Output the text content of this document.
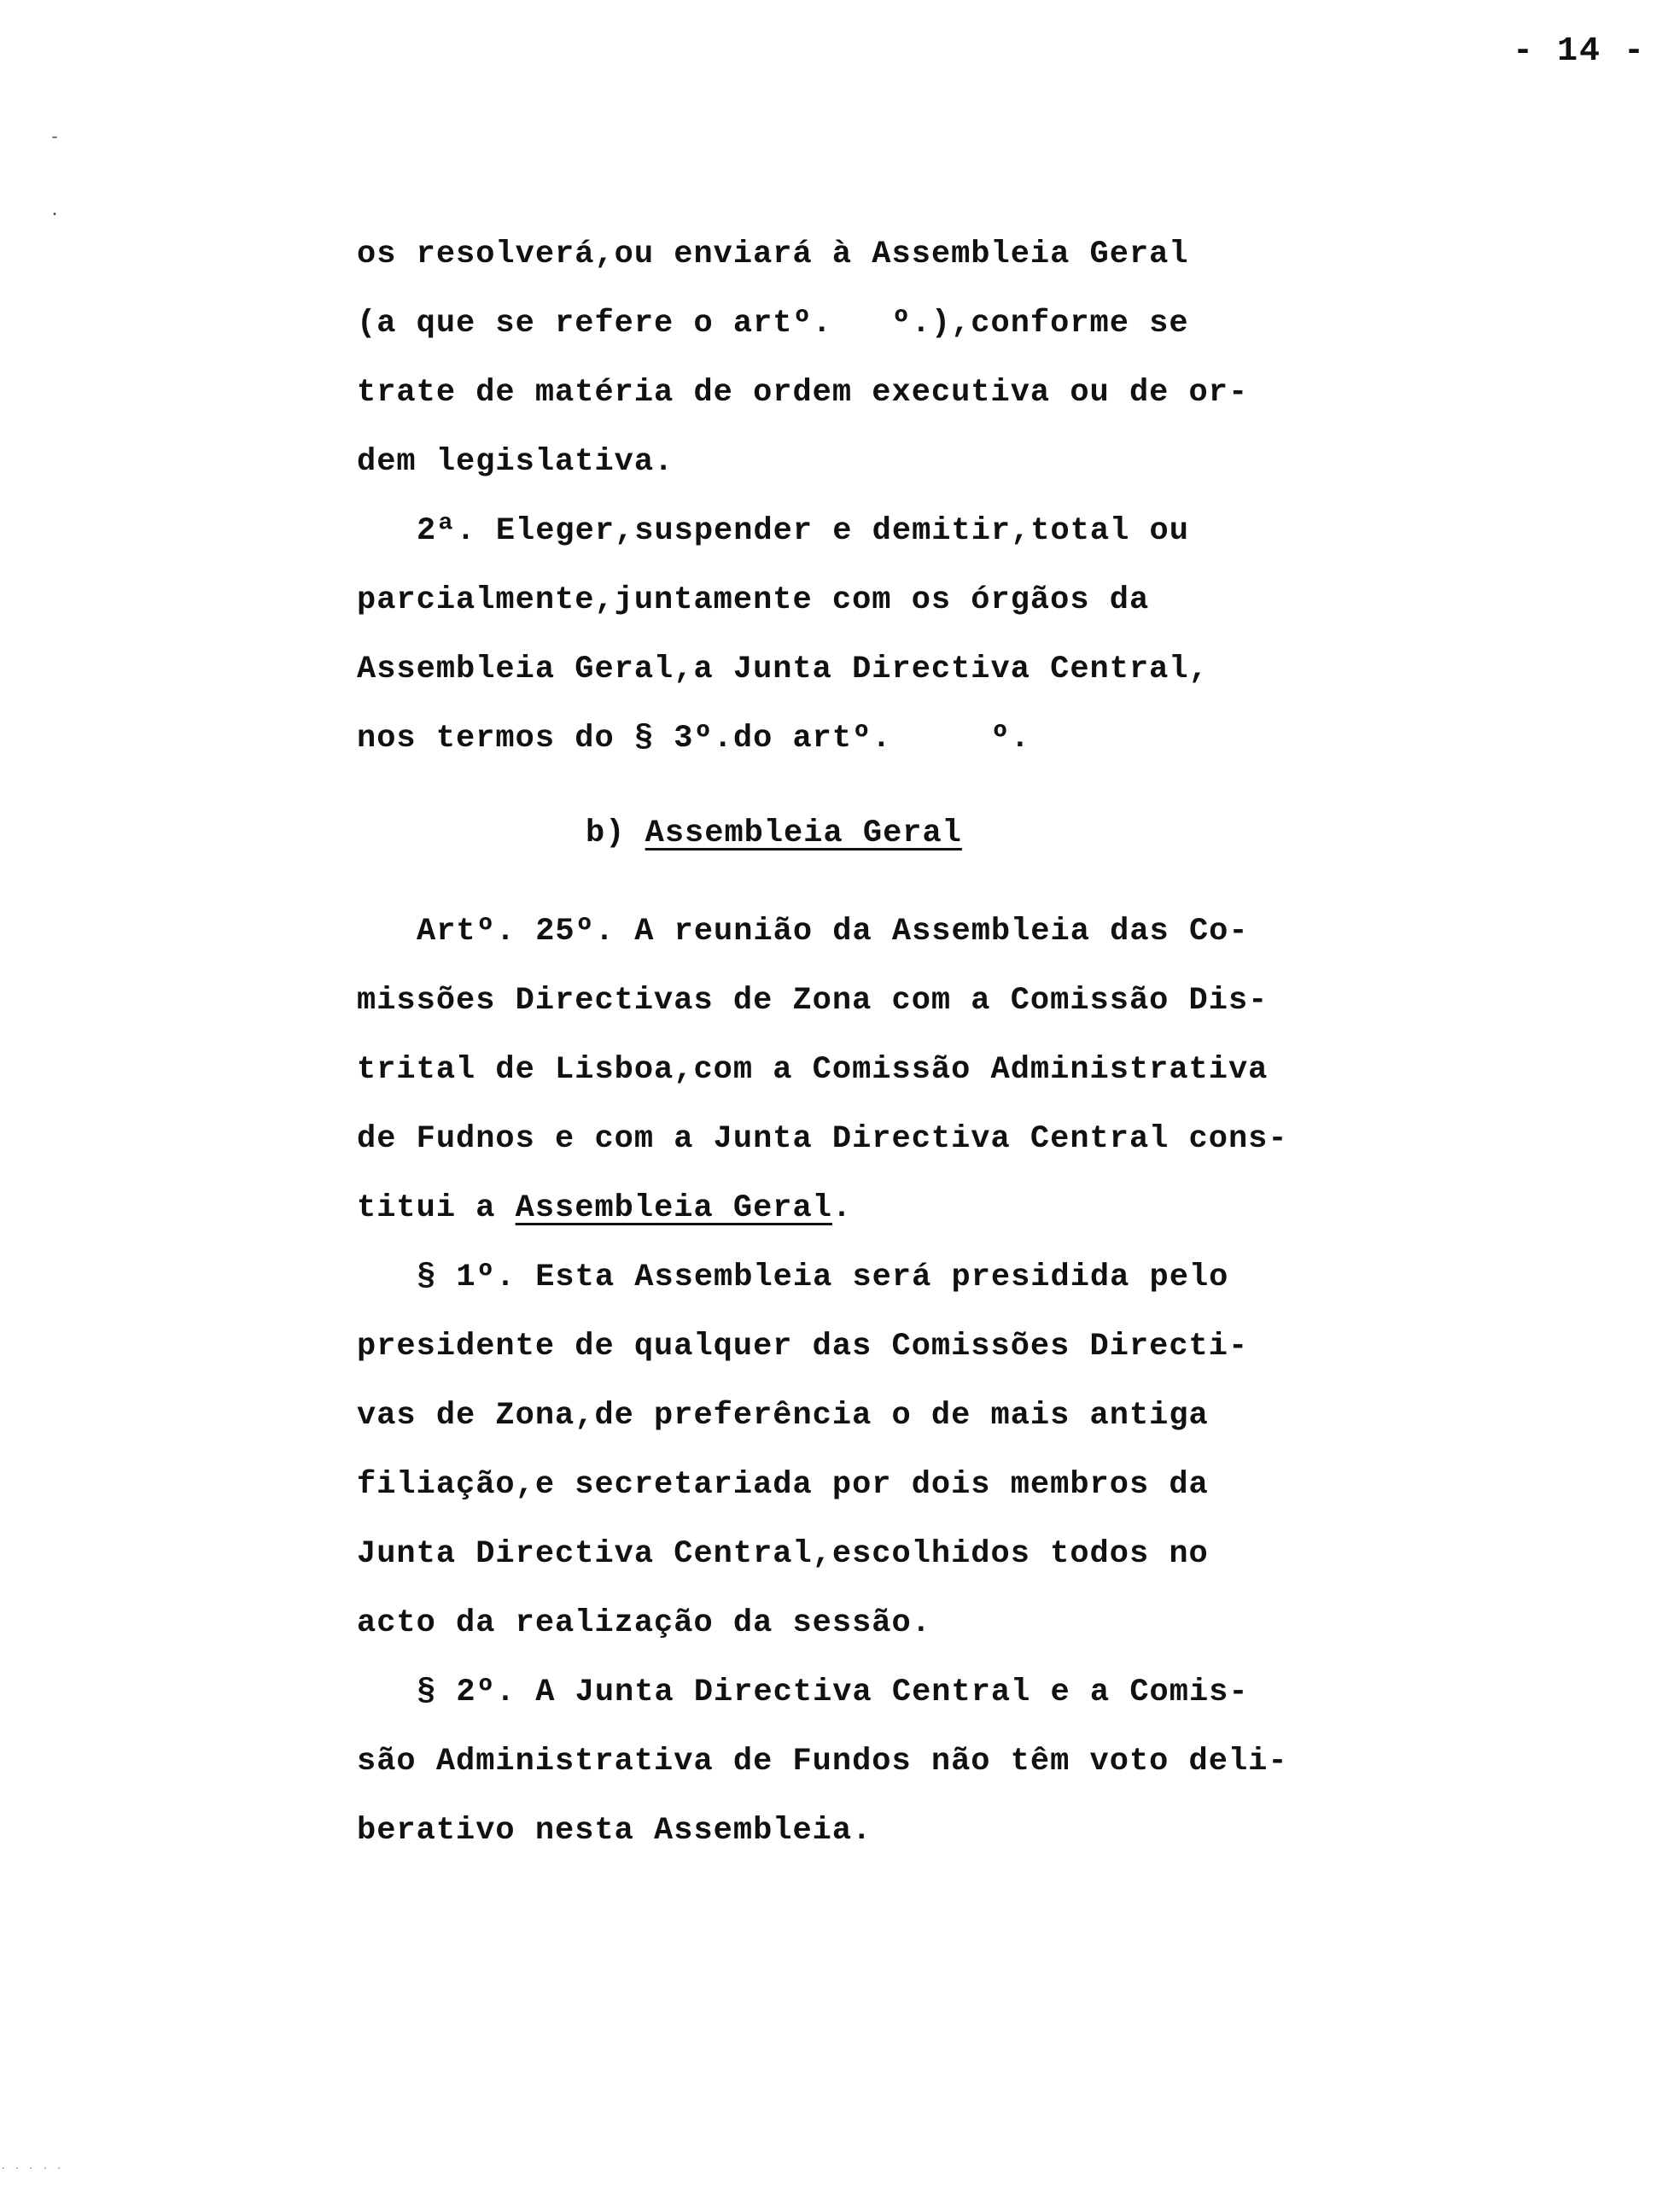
- 14 -
-
·
. . . . .
os resolverá,ou enviará à Assembleia Geral
(a que se refere o artº.   º.),conforme se
trate de matéria de ordem executiva ou de or-
dem legislativa.
2ª. Eleger,suspender e demitir,total ou
parcialmente,juntamente com os órgãos da
Assembleia Geral,a Junta Directiva Central,
nos termos do § 3º.do artº.     º.
b) Assembleia Geral
Artº. 25º. A reunião da Assembleia das Co-
missões Directivas de Zona com a Comissão Dis-
trital de Lisboa,com a Comissão Administrativa
de Fudnos e com a Junta Directiva Central cons-
titui a Assembleia Geral.
§ 1º. Esta Assembleia será presidida pelo
presidente de qualquer das Comissões Directi-
vas de Zona,de preferência o de mais antiga
filiação,e secretariada por dois membros da
Junta Directiva Central,escolhidos todos no
acto da realização da sessão.
§ 2º. A Junta Directiva Central e a Comis-
são Administrativa de Fundos não têm voto deli-
berativo nesta Assembleia.
